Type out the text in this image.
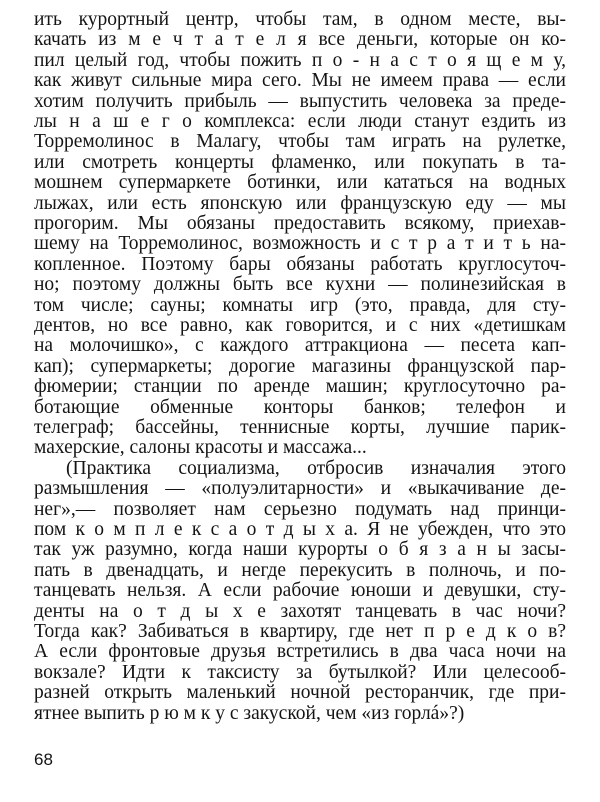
ить курортный центр, чтобы там, в одном месте, вы-
качать из м е ч т а т е л я все деньги, которые он ко-
пил целый год, чтобы пожить п о - н а с т о я щ е м у,
как живут сильные мира сего. Мы не имеем права — если
хотим получить прибыль — выпустить человека за преде-
лы н а ш е г о комплекса: если люди станут ездить из
Торремолинос в Малагу, чтобы там играть на рулетке,
или смотреть концерты фламенко, или покупать в та-
мошнем супермаркете ботинки, или кататься на водных
лыжах, или есть японскую или французскую еду — мы
прогорим. Мы обязаны предоставить всякому, приехав-
шему на Торремолинос, возможность и с т р а т и т ь на-
копленное. Поэтому бары обязаны работать круглосуточ-
но; поэтому должны быть все кухни — полинезийская в
том числе; сауны; комнаты игр (это, правда, для сту-
дентов, но все равно, как говорится, и с них «детишкам
на молочишко», с каждого аттракциона — песета кап-
кап); супермаркеты; дорогие магазины французской пар-
фюмерии; станции по аренде машин; круглосуточно ра-
ботающие обменные конторы банков; телефон и
телеграф; бассейны, теннисные корты, лучшие парик-
махерские, салоны красоты и массажа...
(Практика социализма, отбросив изначалия этого
размышления — «полуэлитарности» и «выкачивание де-
нег»,— позволяет нам серьезно подумать над принци-
пом к о м п л е к с а о т д ы х а. Я не убежден, что это
так уж разумно, когда наши курорты о б я з а н ы засы-
пать в двенадцать, и негде перекусить в полночь, и по-
танцевать нельзя. А если рабочие юноши и девушки, сту-
денты на о т д ы х е захотят танцевать в час ночи?
Тогда как? Забиваться в квартиру, где нет п р е д к о в?
А если фронтовые друзья встретились в два часа ночи на
вокзале? Идти к таксисту за бутылкой? Или целесооб-
разней открыть маленький ночной ресторанчик, где при-
ятнее выпить р ю м к у с закуской, чем «из горлá»?)
68
